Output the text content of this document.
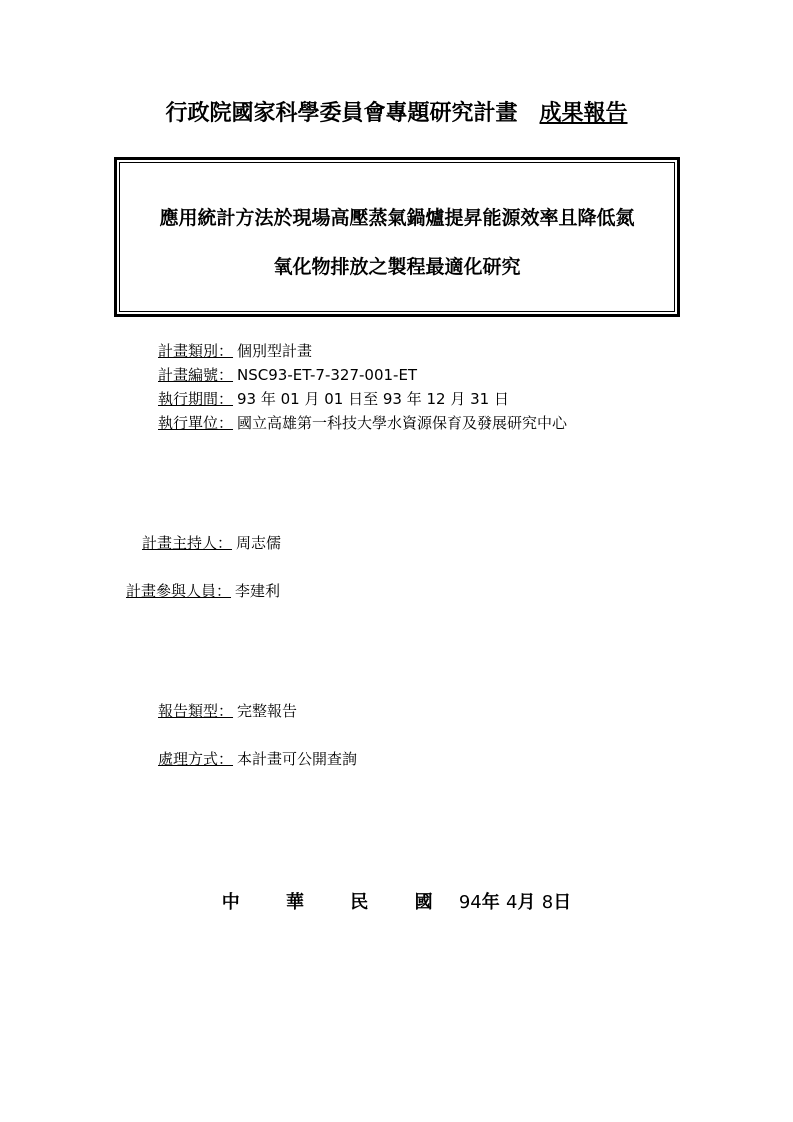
行政院國家科學委員會專題研究計畫 成果報告
應用統計方法於現場高壓蒸氣鍋爐提昇能源效率且降低氮
氧化物排放之製程最適化研究
計畫類別： 個別型計畫
計畫編號： NSC93-ET-7-327-001-ET
執行期間： 93 年 01 月 01 日至 93 年 12 月 31 日
執行單位： 國立高雄第一科技大學水資源保育及發展研究中心
計畫主持人： 周志儒
計畫參與人員： 李建利
報告類型： 完整報告
處理方式： 本計畫可公開查詢
中 華 民 國 94年 4月 8日
